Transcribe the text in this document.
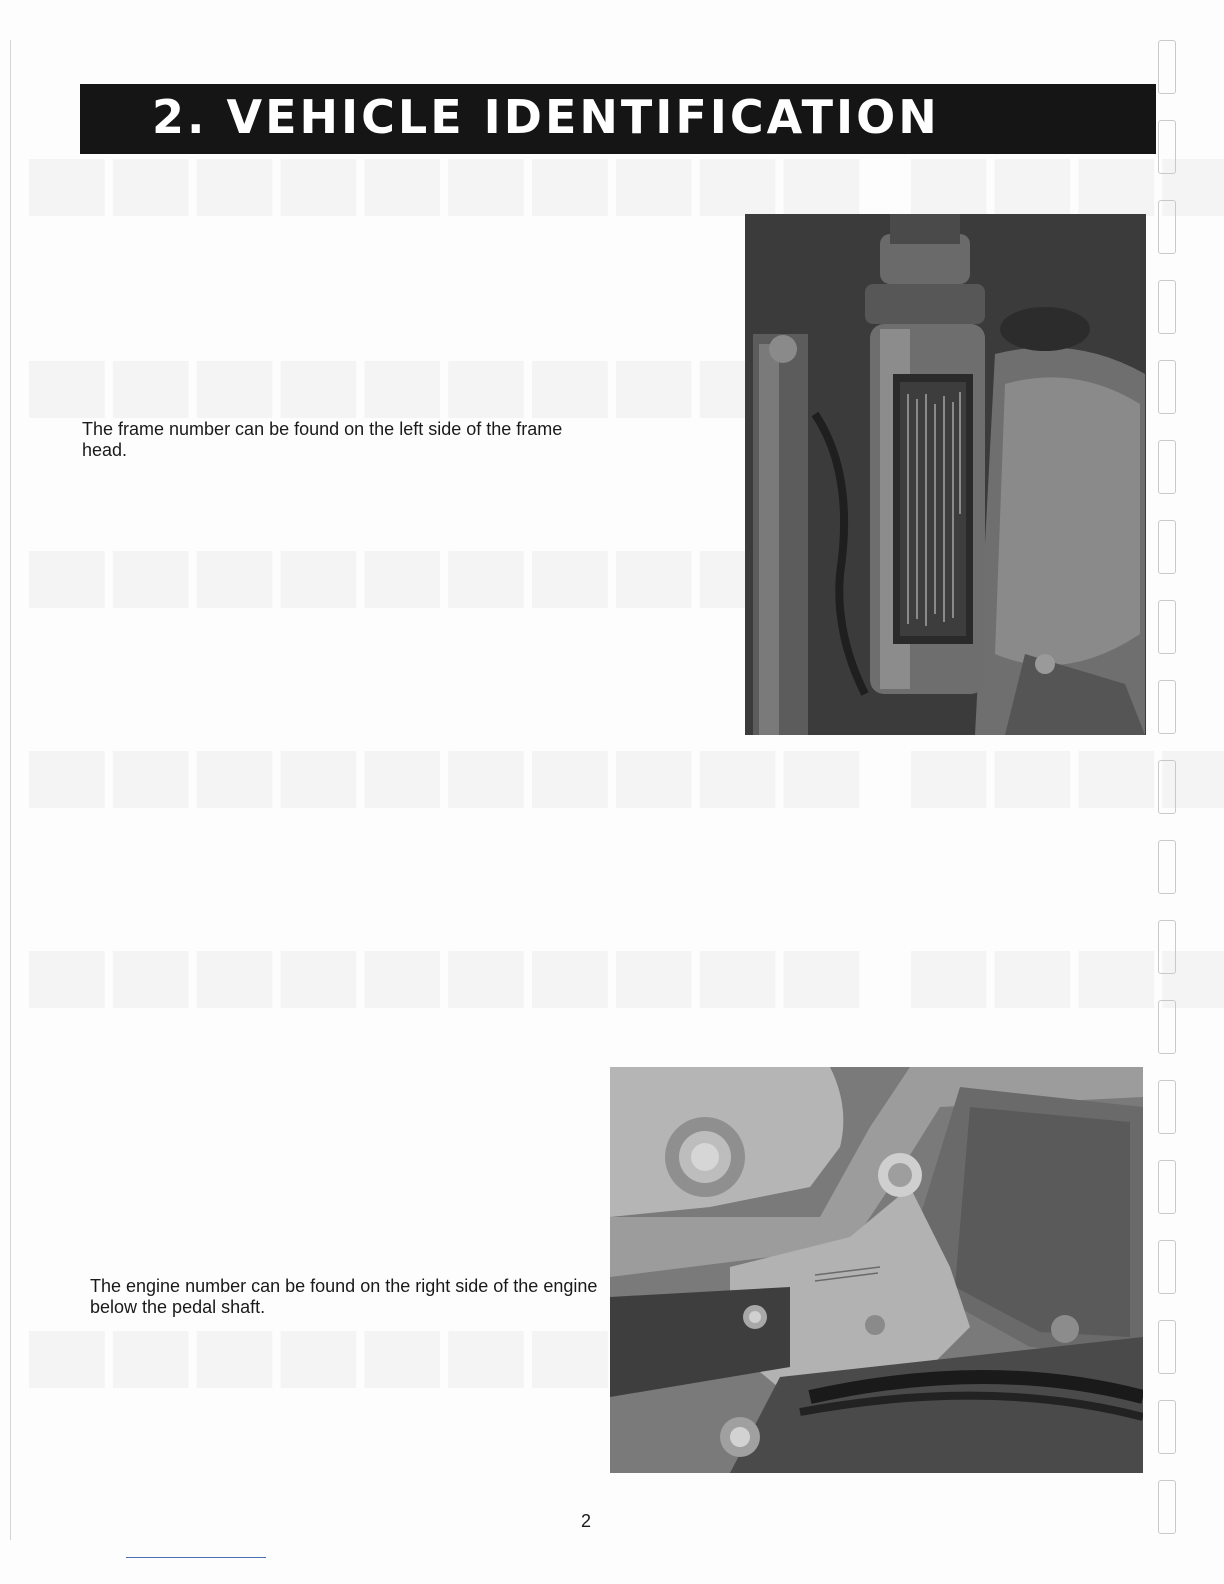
2. VEHICLE IDENTIFICATION
The frame number can be found on the left side of the frame head.
The engine number can be found on the right side of the engine below the pedal shaft.
2
